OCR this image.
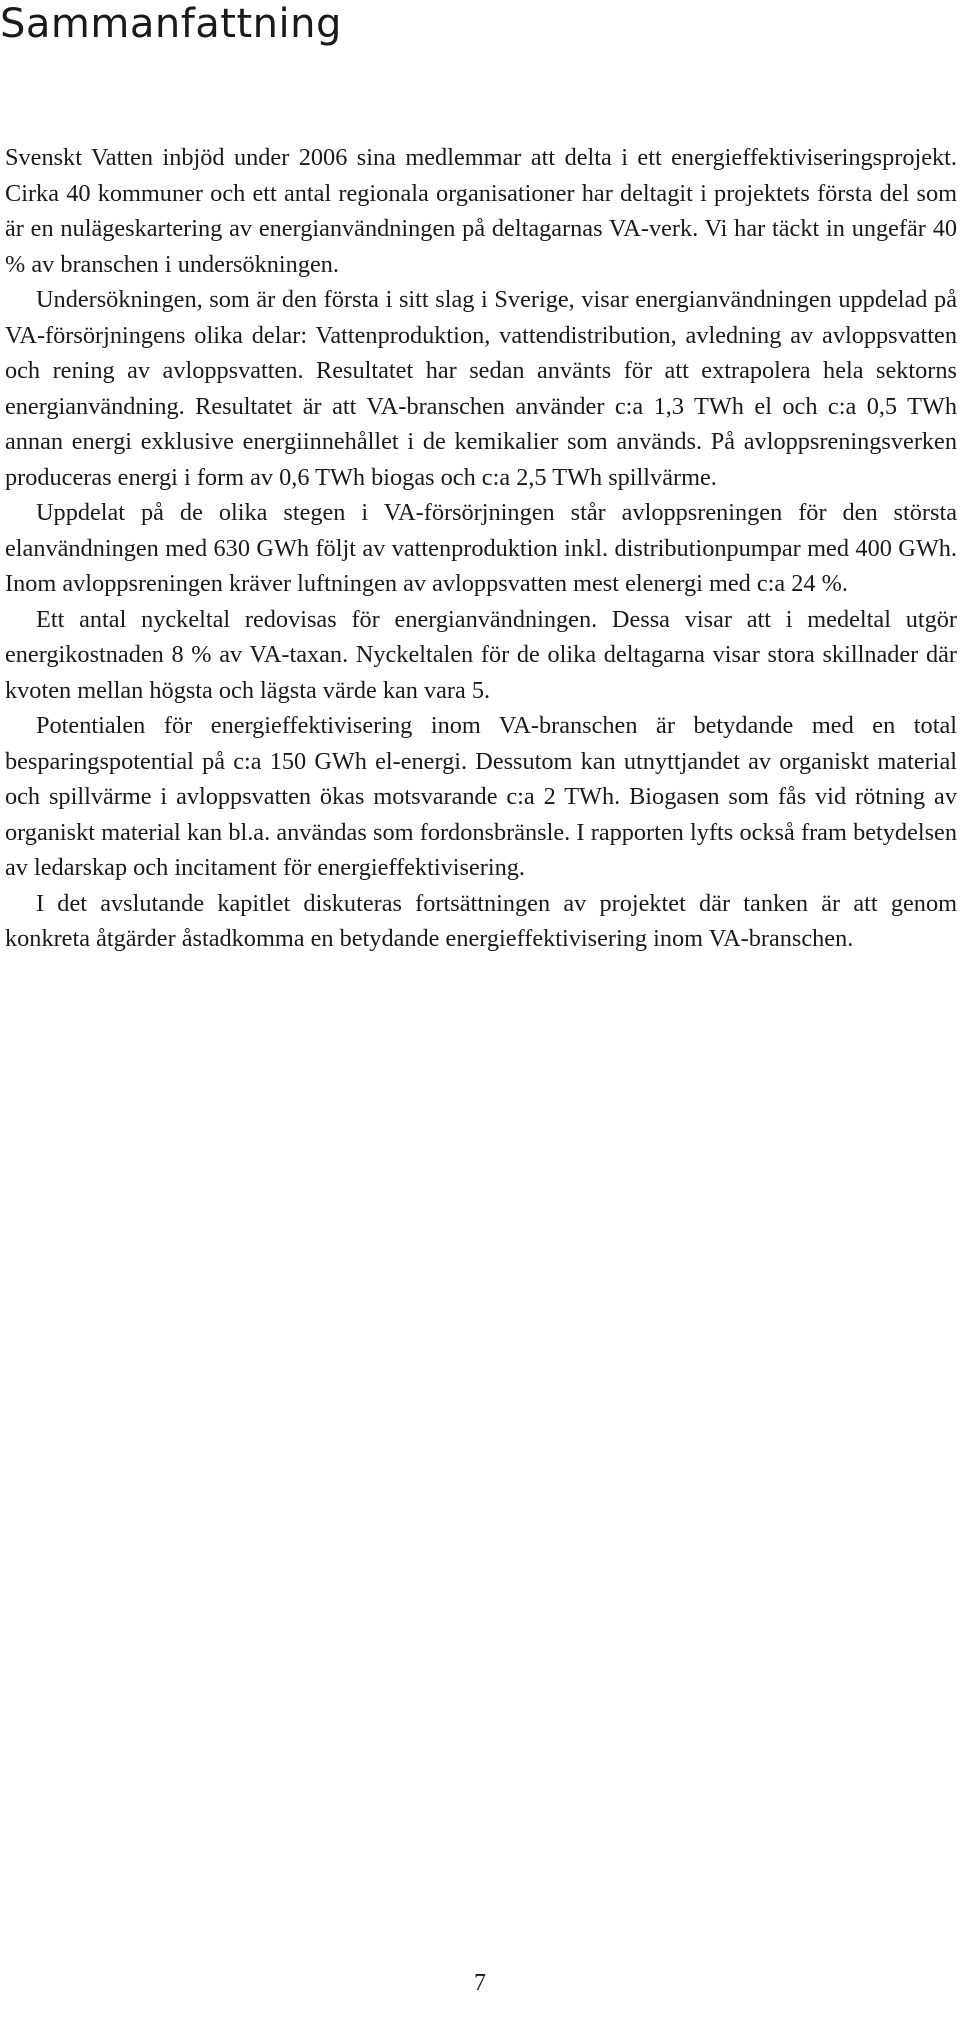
Sammanfattning

Svenskt Vatten inbjöd under 2006 sina medlemmar att delta i ett energieffektiviseringsprojekt. Cirka 40 kommuner och ett antal regionala organisationer har deltagit i projektets första del som är en nulägeskartering av energianvändningen på deltagarnas VA-verk. Vi har täckt in ungefär 40 % av branschen i undersökningen.

Undersökningen, som är den första i sitt slag i Sverige, visar energianvändningen uppdelad på VA-försörjningens olika delar: Vattenproduktion, vattendistribution, avledning av avloppsvatten och rening av avloppsvatten. Resultatet har sedan använts för att extrapolera hela sektorns energianvändning. Resultatet är att VA-branschen använder c:a 1,3 TWh el och c:a 0,5 TWh annan energi exklusive energiinnehållet i de kemikalier som används. På avloppsreningsverken produceras energi i form av 0,6 TWh biogas och c:a 2,5 TWh spillvärme.

Uppdelat på de olika stegen i VA-försörjningen står avloppsreningen för den största elanvändningen med 630 GWh följt av vattenproduktion inkl. distributionpumpar med 400 GWh. Inom avloppsreningen kräver luftningen av avloppsvatten mest elenergi med c:a 24 %.

Ett antal nyckeltal redovisas för energianvändningen. Dessa visar att i medeltal utgör energikostnaden 8 % av VA-taxan. Nyckeltalen för de olika deltagarna visar stora skillnader där kvoten mellan högsta och lägsta värde kan vara 5.

Potentialen för energieffektivisering inom VA-branschen är betydande med en total besparingspotential på c:a 150 GWh el-energi. Dessutom kan utnyttjandet av organiskt material och spillvärme i avloppsvatten ökas motsvarande c:a 2 TWh. Biogasen som fås vid rötning av organiskt material kan bl.a. användas som fordonsbränsle. I rapporten lyfts också fram betydelsen av ledarskap och incitament för energieffektivisering.

I det avslutande kapitlet diskuteras fortsättningen av projektet där tanken är att genom konkreta åtgärder åstadkomma en betydande energieffektivisering inom VA-branschen.

7
